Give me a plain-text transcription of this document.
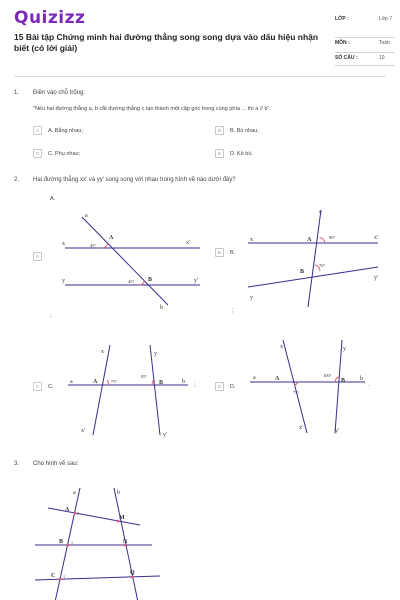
Quizizz
15 Bài tập Chứng minh hai đường thẳng song song dựa vào dấu hiệu nhận biết (có lời giải)
LỚP :	Lớp 7
MÔN :	Toán
SỐ CÂU :	10
1. Điền vào chỗ trống:
"Nếu hai đường thẳng a, b cắt đường thẳng c tạo thành một cặp góc trong cùng phía ... thì a // b".
A	A. Bằng nhau;	B	B. Bù nhau;
C	C. Phụ nhau;	D	D. Kề bù.
2. Hai đường thẳng xx' và yy' song song với nhau trong hình vẽ nào dưới đây?
A.
A
B	B.
;
;
C	C.	;	D	D.	.
a
A
x	x'
y	y'
B
b
45°
45°
a
A
x	x'
y
y'
B
80°
70°
x	y
a	A	B	b
x'
y'
75°
85°
x	y
a	A	B b
x'	y'
75°
100°
3. Cho hình vẽ sau:
a	b
A
M
B	N
C	Q
1
1
1
